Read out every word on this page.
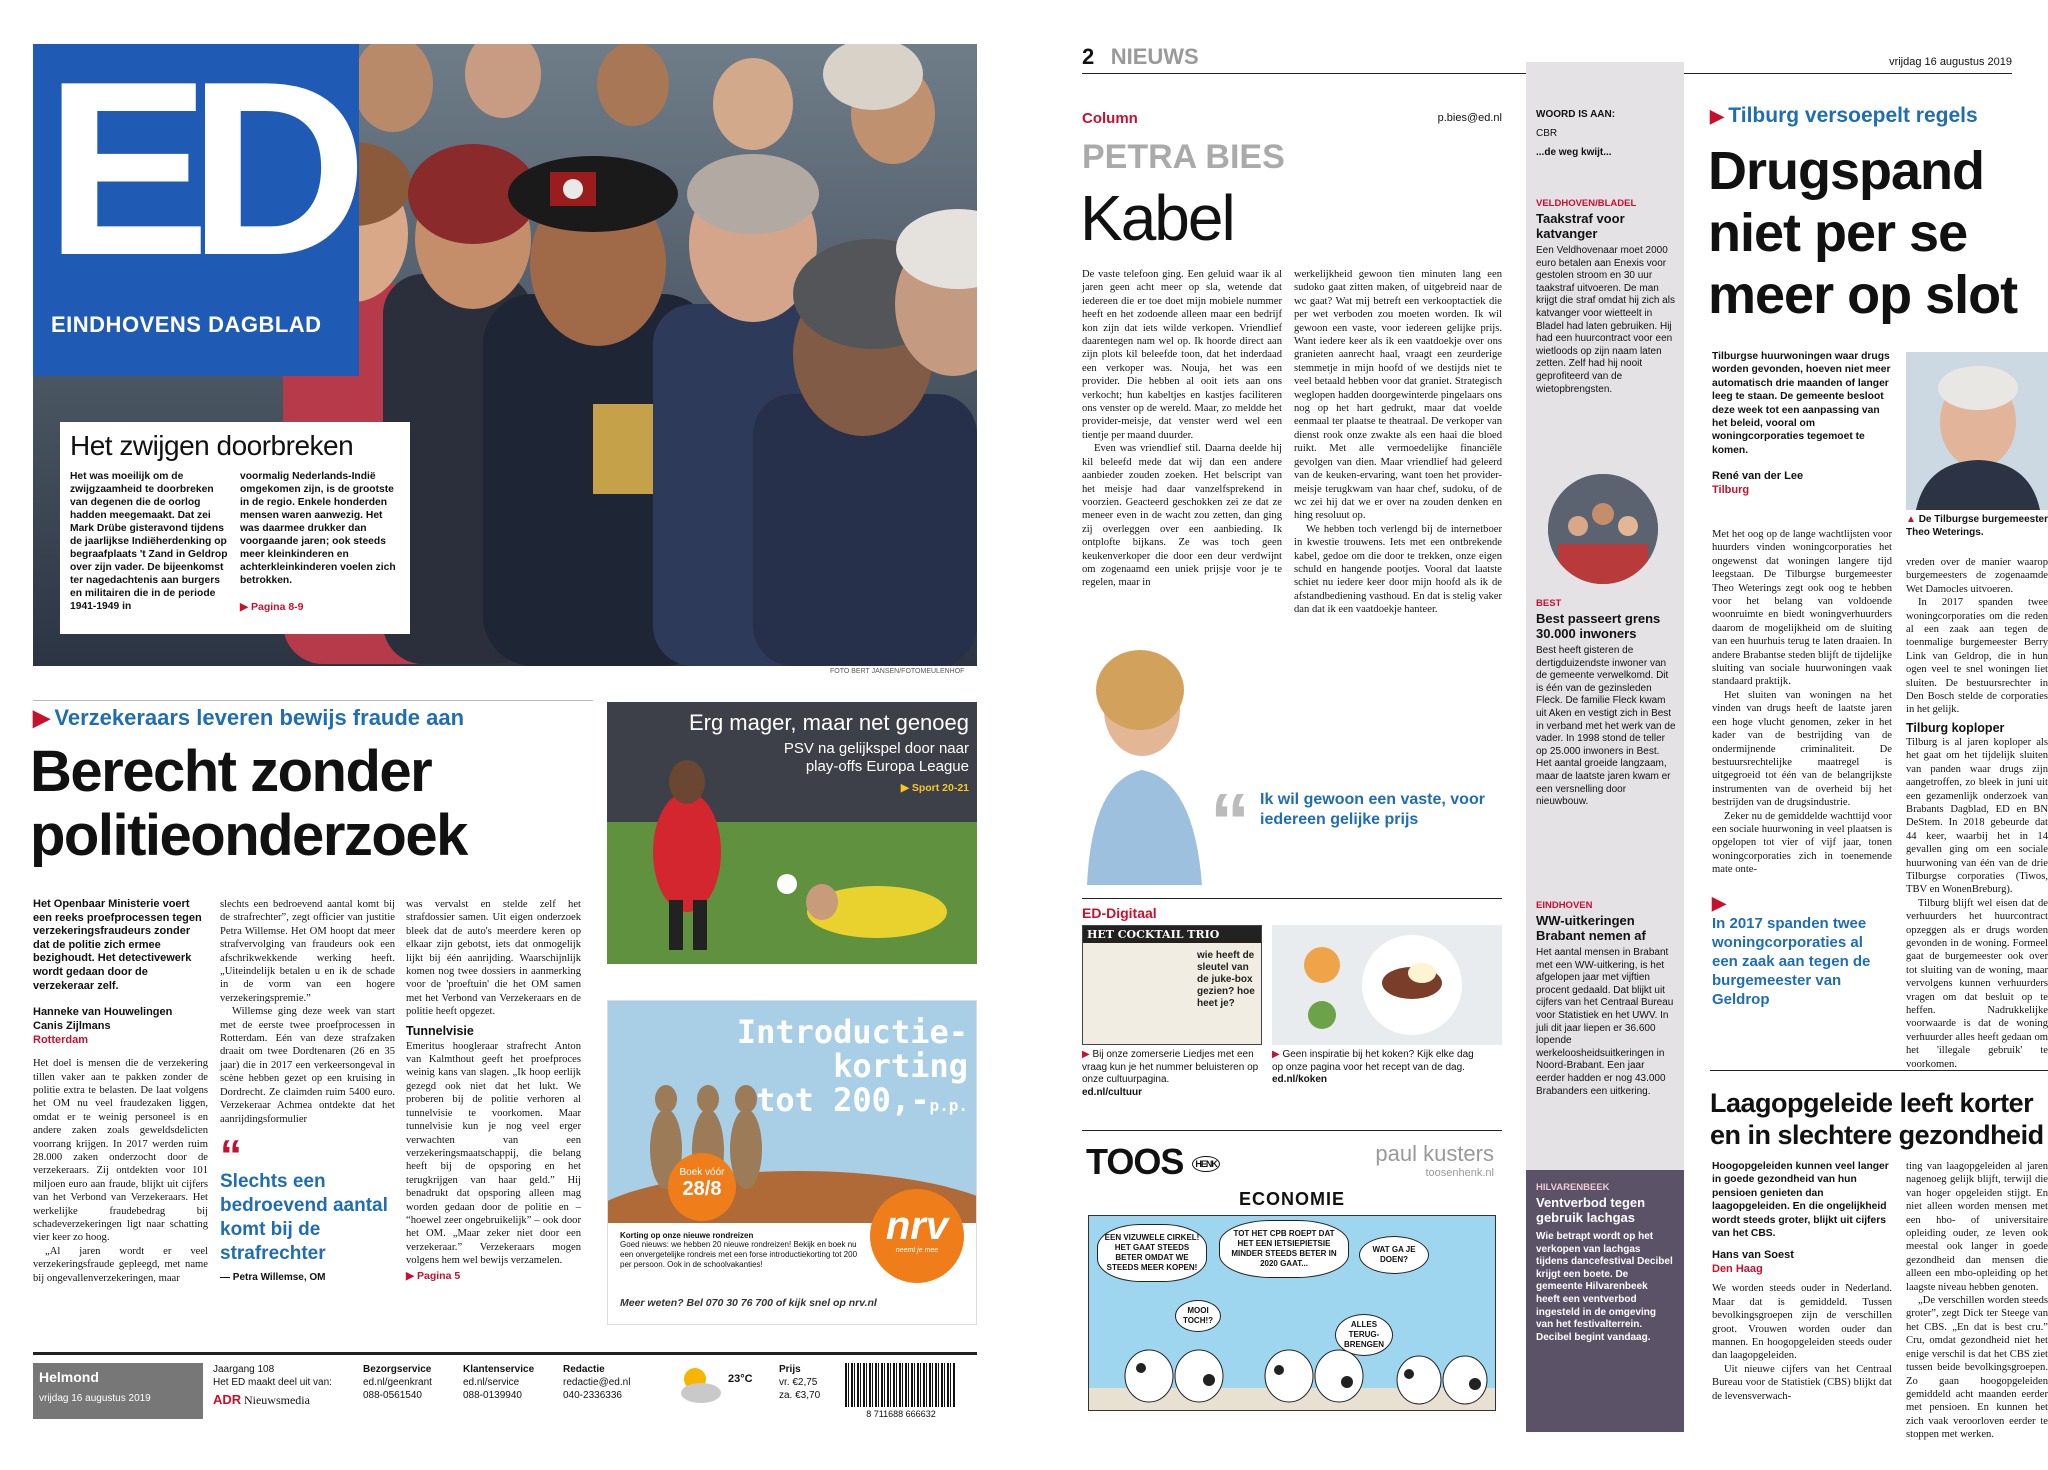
ED
EINDHOVENS DAGBLAD
Het zwijgen doorbreken
Het was moeilijk om de zwijgzaamheid te doorbreken van degenen die de oorlog hadden meegemaakt. Dat zei Mark Drübe gisteravond tijdens de jaarlijkse Indiëherdenking op begraafplaats 't Zand in Geldrop over zijn vader. De bijeenkomst ter nagedachtenis aan burgers en militairen die in de periode 1941-1949 in
voormalig Nederlands-Indië omgekomen zijn, is de grootste in de regio. Enkele honderden mensen waren aanwezig. Het was daarmee drukker dan voorgaande jaren; ook steeds meer kleinkinderen en achterkleinkinderen voelen zich betrokken.
▶ Pagina 8-9
FOTO BERT JANSEN/FOTOMEULENHOF
▶ Verzekeraars leveren bewijs fraude aan
Berecht zonder
politieonderzoek
Het Openbaar Ministerie voert een reeks proefprocessen tegen verzekeringsfraudeurs zonder dat de politie zich ermee bezighoudt. Het detectivewerk wordt gedaan door de verzekeraar zelf.
Hanneke van Houwelingen
Canis Zijlmans
Rotterdam

Het doel is mensen die de verzekering tillen vaker aan te pakken zonder de politie extra te belasten. De laat volgens het OM nu veel fraudezaken liggen, omdat er te weinig personeel is en andere zaken zoals geweldsdelicten voorrang krijgen. In 2017 werden ruim 28.000 zaken onderzocht door de verzekeraars. Zij ontdekten voor 101 miljoen euro aan fraude, blijkt uit cijfers van het Verbond van Verzekeraars. Het werkelijke fraudebedrag bij schadeverzekeringen ligt naar schatting vier keer zo hoog.

„Al jaren wordt er veel verzekeringsfraude gepleegd, met name bij ongevallenverzekeringen, maar

slechts een bedroevend aantal komt bij de strafrechter”, zegt officier van justitie Petra Willemse. Het OM hoopt dat meer strafvervolging van fraudeurs ook een afschrikwekkende werking heeft. „Uiteindelijk betalen u en ik de schade in de vorm van een hogere verzekeringspremie.”

Willemse ging deze week van start met de eerste twee proefprocessen in Rotterdam. Eén van deze strafzaken draait om twee Dordtenaren (26 en 35 jaar) die in 2017 een verkeersongeval in scène hebben gezet op een kruising in Dordrecht. Ze claimden ruim 5400 euro. Verzekeraar Achmea ontdekte dat het aanrijdingsformulier

“
Slechts een bedroevend aantal komt bij de strafrechter
— Petra Willemse, OM

was vervalst en stelde zelf het strafdossier samen. Uit eigen onderzoek bleek dat de auto's meerdere keren op elkaar zijn gebotst, iets dat onmogelijk lijkt bij één aanrijding. Waarschijnlijk komen nog twee dossiers in aanmerking voor de 'proeftuin' die het OM samen met het Verbond van Verzekeraars en de politie heeft opgezet.

Tunnelvisie

Emeritus hoogleraar strafrecht Anton van Kalmthout geeft het proefproces weinig kans van slagen. „Ik hoop eerlijk gezegd ook niet dat het lukt. We proberen bij de politie verhoren al tunnelvisie te voorkomen. Maar tunnelvisie kun je nog veel erger verwachten van een verzekeringsmaatschappij, die belang heeft bij de opsporing en het terugkrijgen van haar geld.” Hij benadrukt dat opsporing alleen mag worden gedaan door de politie en – “hoewel zeer ongebruikelijk” – ook door het OM. „Maar zeker niet door een verzekeraar.” Verzekeraars mogen volgens hem wel bewijs verzamelen.

▶ Pagina 5
Erg mager, maar net genoeg
PSV na gelijkspel door naar play-offs Europa League
▶ Sport 20-21
Introductie-
korting
tot 200,-p.p.
Boek vóór
28/8
nrv
neemt je mee
Korting op onze nieuwe rondreizen
Goed nieuws: we hebben 20 nieuwe rondreizen! Bekijk en boek nu een onvergetelijke rondreis met een forse introductiekorting tot 200 per persoon. Ook in de schoolvakanties!
Meer weten? Bel 070 30 76 700 of kijk snel op nrv.nl
Helmond
vrijdag 16 augustus 2019
Jaargang 108
Het ED maakt deel uit van:
ADR Nieuwsmedia
Bezorgservice
ed.nl/geenkrant
088-0561540
Klantenservice
ed.nl/service
088-0139940
Redactie
redactie@ed.nl
040-2336336
23°C
Prijs
vr. €2,75
za. €3,70
8 711688 666632
2 NIEUWS	vrijdag 16 augustus 2019
Column	p.bies@ed.nl
PETRA BIES
Kabel

De vaste telefoon ging. Een geluid waar ik al jaren geen acht meer op sla, wetende dat iedereen die er toe doet mijn mobiele nummer heeft en het zodoende alleen maar een bedrijf kon zijn dat iets wilde verkopen. Vriendlief daarentegen nam wel op. Ik hoorde direct aan zijn plots kil beleefde toon, dat het inderdaad een verkoper was. Nouja, het was een provider. Die hebben al ooit iets aan ons verkocht; hun kabeltjes en kastjes faciliteren ons venster op de wereld. Maar, zo meldde het provider-meisje, dat venster werd wel een tientje per maand duurder.

Even was vriendlief stil. Daarna deelde hij kil beleefd mede dat wij dan een andere aanbieder zouden zoeken. Het belscript van het meisje had daar vanzelfsprekend in voorzien. Geacteerd geschokken zei ze dat ze meneer even in de wacht zou zetten, dan ging zij overleggen over een aanbieding. Ik ontplofte bijkans. Ze was toch geen keukenverkoper die door een deur verdwijnt om zogenaamd een uniek prijsje voor je te regelen, maar in

“ Ik wil gewoon een vaste, voor iedereen gelijke prijs

werkelijkheid gewoon tien minuten lang een sudoko gaat zitten maken, of uitgebreid naar de wc gaat? Wat mij betreft een verkooptactiek die per wet verboden zou moeten worden. Ik wil gewoon een vaste, voor iedereen gelijke prijs. Want iedere keer als ik een vaatdoekje over ons granieten aanrecht haal, vraagt een zeurderige stemmetje in mijn hoofd of we destijds niet te veel betaald hebben voor dat graniet. Strategisch weglopen hadden doorgewinterde pingelaars ons nog op het hart gedrukt, maar dat voelde eenmaal ter plaatse te theatraal. De verkoper van dienst rook onze zwakte als een haai die bloed ruikt. Met alle vermoedelijke financiële gevolgen van dien. Maar vriendlief had geleerd van de keuken-ervaring, want toen het provider-meisje terugkwam van haar chef, sudoku, of de wc zei hij dat we er over na zouden denken en hing resoluut op.

We hebben toch verlengd bij de internetboer in kwestie trouwens. Iets met een ontbrekende kabel, gedoe om die door te trekken, onze eigen schuld en hangende pootjes. Vooral dat laatste schiet nu iedere keer door mijn hoofd als ik de afstandbediening vasthoud. En dat is stelig vaker dan dat ik een vaatdoekje hanteer.

ED-Digitaal
HET COCKTAIL TRIO
wie heeft de sleutel van de juke-box gezien? hoe heet je?
▶ Bij onze zomerserie Liedjes met een vraag kun je het nummer beluisteren op onze cultuurpagina.
ed.nl/cultuur
▶ Geen inspiratie bij het koken? Kijk elke dag op onze pagina voor het recept van de dag.
ed.nl/koken
TOOS HENK	paul kusters
toosenhenk.nl
ECONOMIE
EEN VIZUWELE CIRKEL! HET GAAT STEEDS BETER OMDAT WE STEEDS MEER KOPEN!
TOT HET CPB ROEPT DAT HET EEN IETSIEPIETSIE MINDER STEEDS BETER IN 2020 GAAT...
WAT GA JE DOEN?
MOOI TOCH!?	ALLES TERUG-BRENGEN
WOORD IS AAN:
CBR
...de weg kwijt...
VELDHOVEN/BLADEL
Taakstraf voor katvanger
Een Veldhovenaar moet 2000 euro betalen aan Enexis voor gestolen stroom en 30 uur taakstraf uitvoeren. De man krijgt die straf omdat hij zich als katvanger voor wietteelt in Bladel had laten gebruiken. Hij had een huurcontract voor een wietloods op zijn naam laten zetten. Zelf had hij nooit geprofiteerd van de wietopbrengsten.
BEST
Best passeert grens 30.000 inwoners
Best heeft gisteren de dertigduizendste inwoner van de gemeente verwelkomd. Dit is één van de gezinsleden Fleck. De familie Fleck kwam uit Aken en vestigt zich in Best in verband met het werk van de vader. In 1998 stond de teller op 25.000 inwoners in Best. Het aantal groeide langzaam, maar de laatste jaren kwam er een versnelling door nieuwbouw.
EINDHOVEN
WW-uitkeringen Brabant nemen af
Het aantal mensen in Brabant met een WW-uitkering, is het afgelopen jaar met vijftien procent gedaald. Dat blijkt uit cijfers van het Centraal Bureau voor Statistiek en het UWV. In juli dit jaar liepen er 36.600 lopende werkeloosheidsuitkeringen in Noord-Brabant. Een jaar eerder hadden er nog 43.000 Brabanders een uitkering.
HILVARENBEEK
Ventverbod tegen gebruik lachgas
Wie betrapt wordt op het verkopen van lachgas tijdens dancefestival Decibel krijgt een boete. De gemeente Hilvarenbeek heeft een ventverbod ingesteld in de omgeving van het festivalterrein. Decibel begint vandaag.
▶ Tilburg versoepelt regels
Drugspand
niet per se
meer op slot
Tilburgse huurwoningen waar drugs worden gevonden, hoeven niet meer automatisch drie maanden of langer leeg te staan. De gemeente besloot deze week tot een aanpassing van het beleid, vooral om woningcorporaties tegemoet te komen.
René van der Lee
Tilburg
▲ De Tilburgse burgemeester Theo Weterings.

Met het oog op de lange wachtlijsten voor huurders vinden woningcorporaties het ongewenst dat woningen langere tijd leegstaan. De Tilburgse burgemeester Theo Weterings zegt ook oog te hebben voor het belang van voldoende woonruimte en biedt woningverhuurders daarom de mogelijkheid om de sluiting van een huurhuis terug te laten draaien. In andere Brabantse steden blijft de tijdelijke sluiting van sociale huurwoningen vaak standaard praktijk.

Het sluiten van woningen na het vinden van drugs heeft de laatste jaren een hoge vlucht genomen, zeker in het kader van de bestrijding van de ondermijnende criminaliteit. De bestuursrechtelijke maatregel is uitgegroeid tot één van de belangrijkste instrumenten van de overheid bij het bestrijden van de drugsindustrie.

Zeker nu de gemiddelde wachttijd voor een sociale huurwoning in veel plaatsen is opgelopen tot vier of vijf jaar, tonen woningcorporaties zich in toenemende mate onte-

▶
In 2017 spanden twee woningcorporaties al een zaak aan tegen de burgemeester van Geldrop

vreden over de manier waarop burgemeesters de zogenaamde Wet Damocles uitvoeren.

In 2017 spanden twee woningcorporaties om die reden al een zaak aan tegen de toenmalige burgemeester Berry Link van Geldrop, die in hun ogen veel te snel woningen liet sluiten. De bestuursrechter in Den Bosch stelde de corporaties in het gelijk.

Tilburg koploper

Tilburg is al jaren koploper als het gaat om het tijdelijk sluiten van panden waar drugs zijn aangetroffen, zo bleek in juni uit een gezamenlijk onderzoek van Brabants Dagblad, ED en BN DeStem. In 2018 gebeurde dat 44 keer, waarbij het in 14 gevallen ging om een sociale huurwoning van één van de drie Tilburgse corporaties (Tiwos, TBV en WonenBreburg).

Tilburg blijft wel eisen dat de verhuurders het huurcontract opzeggen als er drugs worden gevonden in de woning. Formeel gaat de burgemeester ook over tot sluiting van de woning, maar vervolgens kunnen verhuurders vragen om dat besluit op te heffen. Nadrukkelijke voorwaarde is dat de woning verhuurder alles heeft gedaan om het 'illegale gebruik' te voorkomen.

Laagopgeleide leeft korter
en in slechtere gezondheid
Hoogopgeleiden kunnen veel langer in goede gezondheid van hun pensioen genieten dan laagopgeleiden. En die ongelijkheid wordt steeds groter, blijkt uit cijfers van het CBS.
Hans van Soest
Den Haag

We worden steeds ouder in Nederland. Maar dat is gemiddeld. Tussen bevolkingsgroepen zijn de verschillen groot. Vrouwen worden ouder dan mannen. En hoogopgeleiden steeds ouder dan laagopgeleiden.

Uit nieuwe cijfers van het Centraal Bureau voor de Statistiek (CBS) blijkt dat de levensverwach-

ting van laagopgeleiden al jaren nagenoeg gelijk blijft, terwijl die van hoger opgeleiden stijgt. En niet alleen worden mensen met een hbo- of universitaire opleiding ouder, ze leven ook meestal ook langer in goede gezondheid dan mensen die alleen een mbo-opleiding op het laagste niveau hebben genoten.

„De verschillen worden steeds groter”, zegt Dick ter Steege van het CBS. „En dat is best cru.” Cru, omdat gezondheid niet het enige verschil is dat het CBS ziet tussen beide bevolkingsgroepen. Zo gaan hoogopgeleiden gemiddeld acht maanden eerder met pensioen. En kunnen het zich vaak veroorloven eerder te stoppen met werken.
